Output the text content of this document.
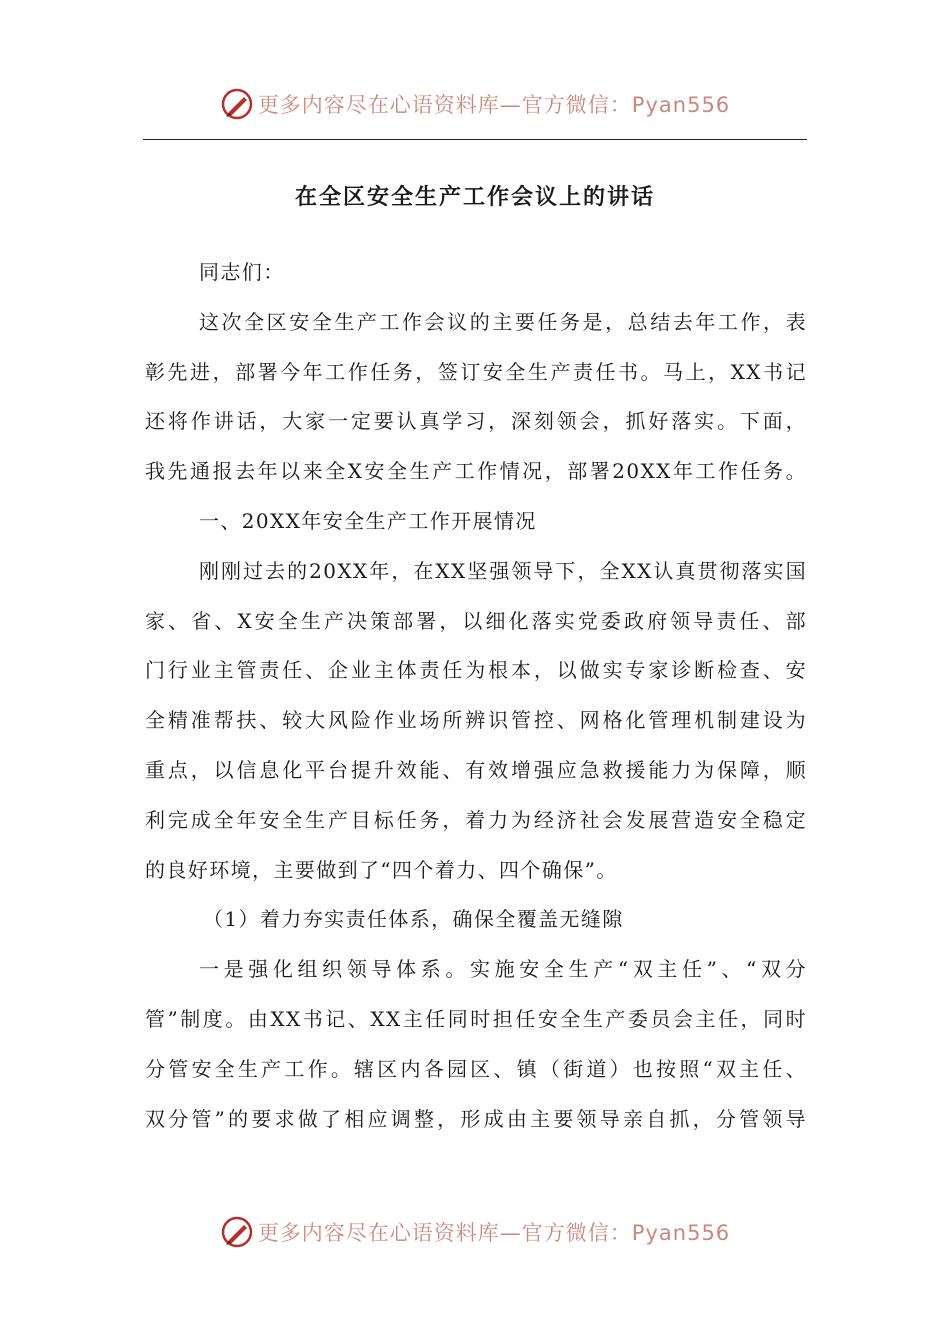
更多内容尽在心语资料库—官方微信：Pyan556
在全区安全生产工作会议上的讲话
同志们：
这次全区安全生产工作会议的主要任务是，总结去年工作，表
彰先进，部署今年工作任务，签订安全生产责任书。马上，XX书记
还将作讲话，大家一定要认真学习，深刻领会，抓好落实。下面，
我先通报去年以来全X安全生产工作情况，部署20XX年工作任务。
一、20XX年安全生产工作开展情况
刚刚过去的20XX年，在XX坚强领导下，全XX认真贯彻落实国
家、省、X安全生产决策部署，以细化落实党委政府领导责任、部
门行业主管责任、企业主体责任为根本，以做实专家诊断检查、安
全精准帮扶、较大风险作业场所辨识管控、网格化管理机制建设为
重点，以信息化平台提升效能、有效增强应急救援能力为保障，顺
利完成全年安全生产目标任务，着力为经济社会发展营造安全稳定
的良好环境，主要做到了“四个着力、四个确保”。
（1）着力夯实责任体系，确保全覆盖无缝隙
一是强化组织领导体系。实施安全生产“双主任”、“双分
管”制度。由XX书记、XX主任同时担任安全生产委员会主任，同时
分管安全生产工作。辖区内各园区、镇（街道）也按照“双主任、
双分管”的要求做了相应调整，形成由主要领导亲自抓，分管领导
更多内容尽在心语资料库—官方微信：Pyan556
